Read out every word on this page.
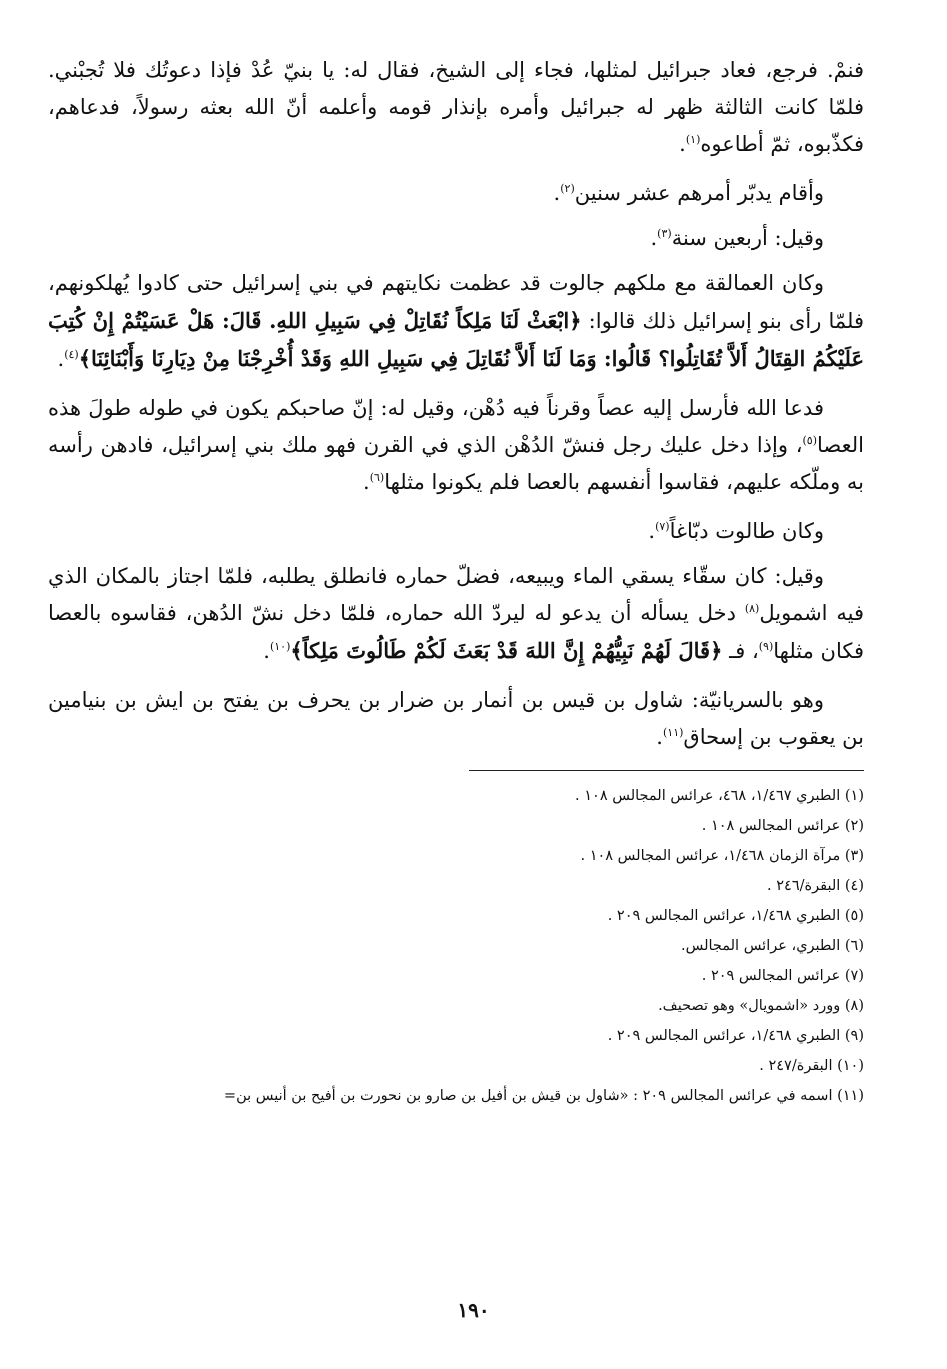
فنمْ. فرجع، فعاد جبرائيل لمثلها، فجاء إلى الشيخ، فقال له: يا بنيّ عُدْ فإذا دعوتُك فلا تُجبْني. فلمّا كانت الثالثة ظهر له جبرائيل وأمره بإنذار قومه وأعلمه أنّ الله بعثه رسولاً، فدعاهم، فكذّبوه، ثمّ أطاعوه$^{(١)}$.

وأقام يدبّر أمرهم عشر سنين$^{(٢)}$.

وقيل: أربعين سنة$^{(٣)}$.

وكان العمالقة مع ملكهم جالوت قد عظمت نكايتهم في بني إسرائيل حتى كادوا يُهلكونهم، فلمّا رأى بنو إسرائيل ذلك قالوا: ﴿ابْعَثْ لَنَا مَلِكاً نُقَاتِلْ فِي سَبِيلِ اللهِ. قَالَ: هَلْ عَسَيْتُمْ إِنْ كُتِبَ عَلَيْكُمُ القِتَالُ أَلاَّ تُقَاتِلُوا؟ قَالُوا: وَمَا لَنَا أَلاَّ نُقَاتِلَ فِي سَبِيلِ اللهِ وَقَدْ أُخْرِجْنَا مِنْ دِيَارِنَا وَأَبْنَائِنَا﴾$^{(٤)}$.

فدعا الله فأرسل إليه عصاً وقرناً فيه دُهْن، وقيل له: إنّ صاحبكم يكون في طوله طولَ هذه العصا$^{(٥)}$، وإذا دخل عليك رجل فنشّ الدُهْن الذي في القرن فهو ملك بني إسرائيل، فادهن رأسه به وملّكه عليهم، فقاسوا أنفسهم بالعصا فلم يكونوا مثلها$^{(٦)}$.

وكان طالوت دبّاغاً$^{(٧)}$.

وقيل: كان سقّاء يسقي الماء ويبيعه، فضلّ حماره فانطلق يطلبه، فلمّا اجتاز بالمكان الذي فيه اشمويل$^{(٨)}$ دخل يسأله أن يدعو له ليردّ الله حماره، فلمّا دخل نشّ الدُهن، فقاسوه بالعصا فكان مثلها$^{(٩)}$، فـ ﴿قَالَ لَهُمْ نَبِيُّهُمْ إِنَّ اللهَ قَدْ بَعَثَ لَكُمْ طَالُوتَ مَلِكاً﴾$^{(١٠)}$.

وهو بالسريانيّة: شاول بن قيس بن أنمار بن ضرار بن يحرف بن يفتح بن ايش بن بنيامين بن يعقوب بن إسحاق$^{(١١)}$.

(١) الطبري ١/٤٦٧، ٤٦٨، عرائس المجالس ١٠٨ .
(٢) عرائس المجالس ١٠٨ .
(٣) مرآة الزمان ١/٤٦٨، عرائس المجالس ١٠٨ .
(٤) البقرة/٢٤٦ .
(٥) الطبري ١/٤٦٨، عرائس المجالس ٢٠٩ .
(٦) الطبري، عرائس المجالس.
(٧) عرائس المجالس ٢٠٩ .
(٨) وورد «اشمويال» وهو تصحيف.
(٩) الطبري ١/٤٦٨، عرائس المجالس ٢٠٩ .
(١٠) البقرة/٢٤٧ .
(١١) اسمه في عرائس المجالس ٢٠٩ : «شاول بن قيش بن أفيل بن صارو بن نحورت بن أفيح بن أنيس بن=
١٩٠
